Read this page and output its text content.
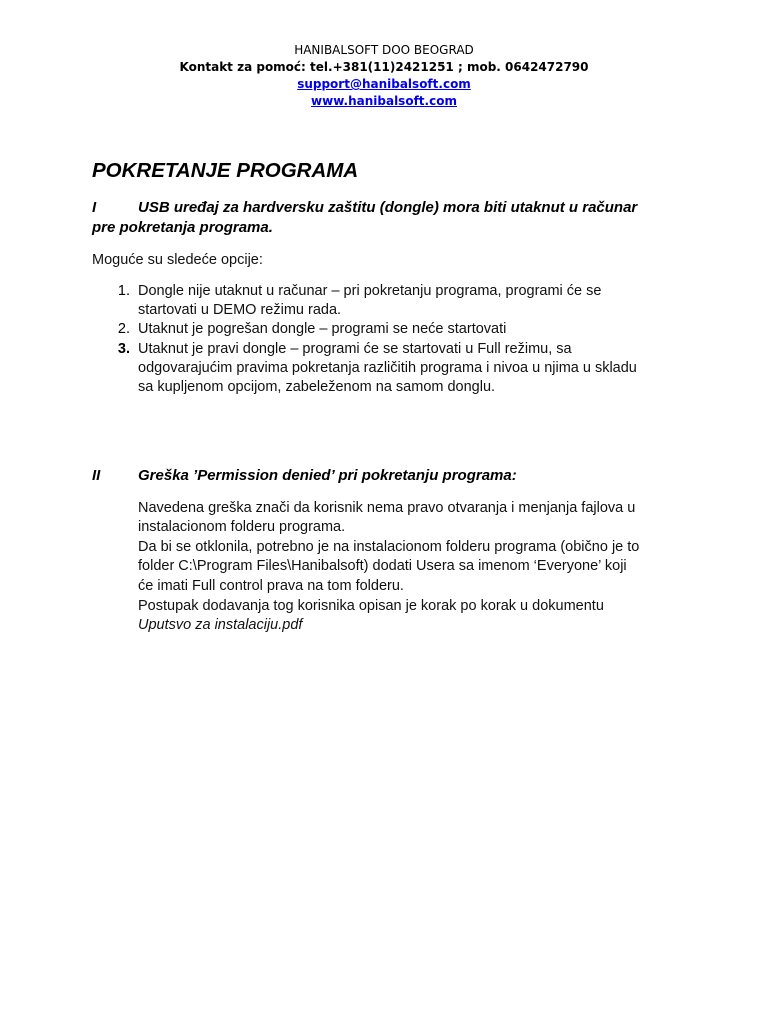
HANIBALSOFT DOO BEOGRAD
Kontakt za pomoć: tel.+381(11)2421251 ; mob. 0642472790
support@hanibalsoft.com
www.hanibalsoft.com
POKRETANJE PROGRAMA
I	USB uređaj za hardversku zaštitu (dongle) mora biti utaknut u računar
pre pokretanja programa.
Moguće su sledeće opcije:
1. Dongle nije utaknut u računar – pri pokretanju programa, programi će se
startovati u DEMO režimu rada.
2. Utaknut je pogrešan dongle – programi se neće startovati
3. Utaknut je pravi dongle – programi će se startovati u Full režimu, sa
odgovarajućim pravima pokretanja različitih programa i nivoa u njima u skladu
sa kupljenom opcijom, zabeleženom na samom donglu.
II	Greška ’Permission denied’ pri pokretanju programa:
Navedena greška znači da korisnik nema pravo otvaranja i menjanja fajlova u
instalacionom folderu programa.
Da bi se otklonila, potrebno je na instalacionom folderu programa (obično je to
folder C:\Program Files\Hanibalsoft) dodati Usera sa imenom ‘Everyone’ koji
će imati Full control prava na tom folderu.
Postupak dodavanja tog korisnika opisan je korak po korak u dokumentu
Uputsvo za instalaciju.pdf
